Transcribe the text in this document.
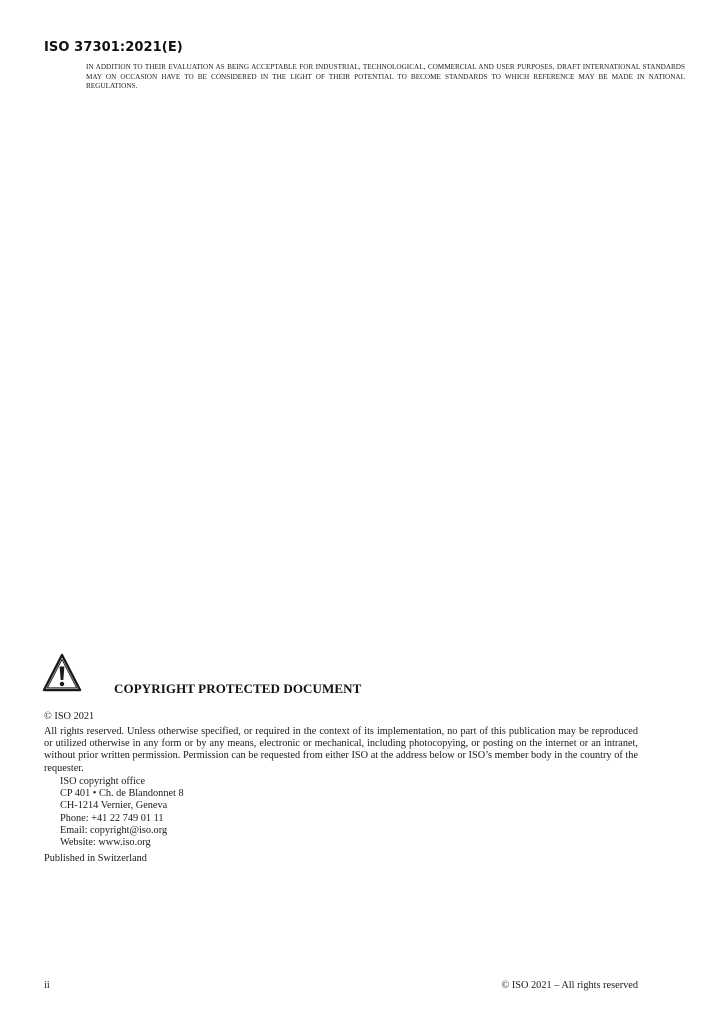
ISO 37301:2021(E)

IN ADDITION TO THEIR EVALUATION AS BEING ACCEPTABLE FOR INDUSTRIAL, TECHNOLOGICAL, COMMERCIAL AND USER PURPOSES, DRAFT INTERNATIONAL STANDARDS MAY ON OCCASION HAVE TO BE CONSIDERED IN THE LIGHT OF THEIR POTENTIAL TO BECOME STANDARDS TO WHICH REFERENCE MAY BE MADE IN NATIONAL REGULATIONS.

COPYRIGHT PROTECTED DOCUMENT
© ISO 2021

All rights reserved. Unless otherwise specified, or required in the context of its implementation, no part of this publication may be reproduced or utilized otherwise in any form or by any means, electronic or mechanical, including photocopying, or posting on the internet or an intranet, without prior written permission. Permission can be requested from either ISO at the address below or ISO’s member body in the country of the requester.

ISO copyright office
CP 401 • Ch. de Blandonnet 8
CH-1214 Vernier, Geneva
Phone: +41 22 749 01 11
Email: copyright@iso.org
Website: www.iso.org
Published in Switzerland
ii	© ISO 2021 – All rights reserved
